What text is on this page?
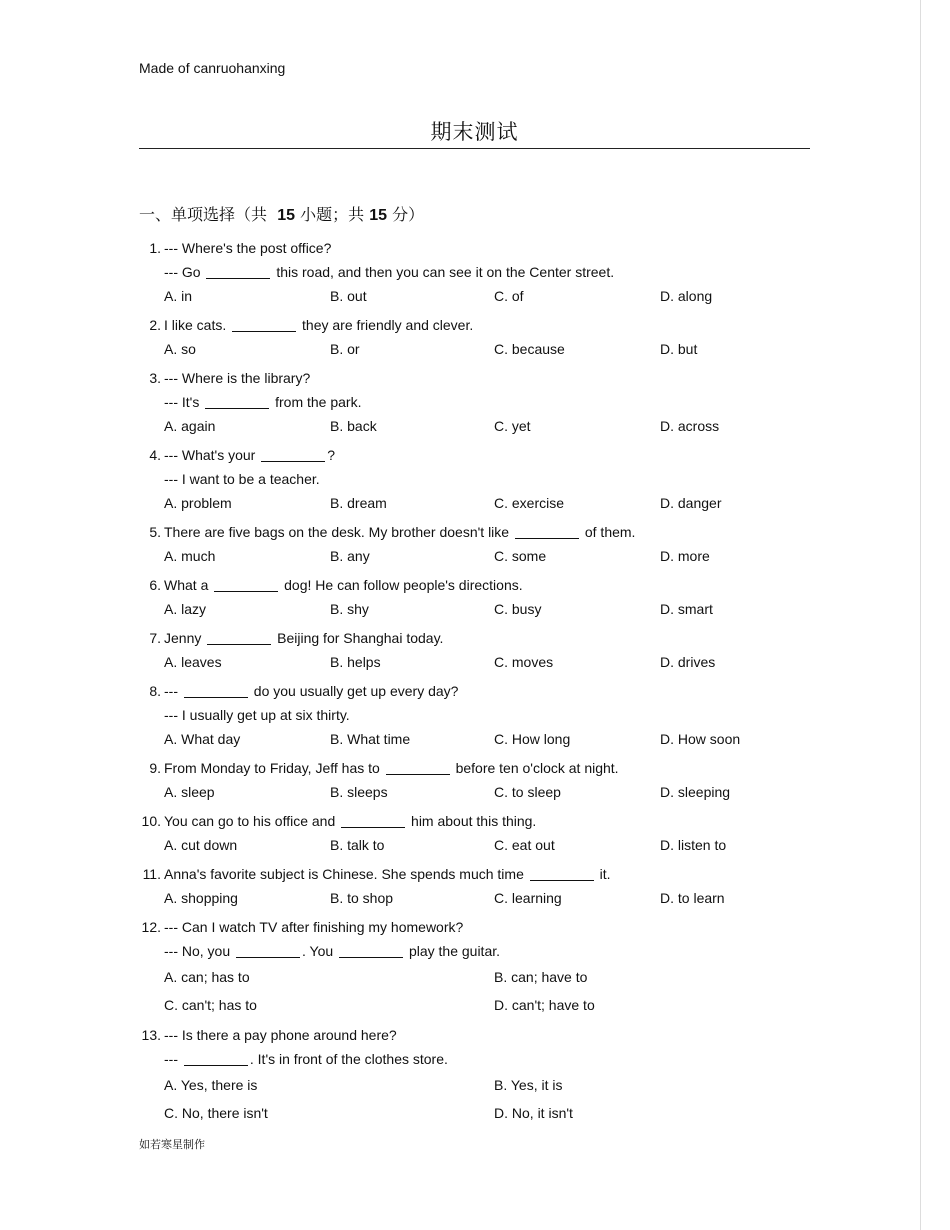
Made of canruohanxing
期末测试
一、单项选择（共 15 小题；共 15 分）
1. --- Where's the post office?
--- Go	this road, and then you can see it on the Center street.
A. in	B. out	C. of	D. along
2. I like cats.	they are friendly and clever.
A. so	B. or	C. because	D. but
3. --- Where is the library?
--- It's	from the park.
A. again	B. back	C. yet	D. across
4. --- What's your	?
--- I want to be a teacher.
A. problem	B. dream	C. exercise	D. danger
5. There are five bags on the desk. My brother doesn't like	of them.
A. much	B. any	C. some	D. more
6. What a	dog! He can follow people's directions.
A. lazy	B. shy	C. busy	D. smart
7. Jenny	Beijing for Shanghai today.
A. leaves	B. helps	C. moves	D. drives
8. ---	do you usually get up every day?
--- I usually get up at six thirty.
A. What day	B. What time	C. How long	D. How soon
9. From Monday to Friday, Jeff has to	before ten o'clock at night.
A. sleep	B. sleeps	C. to sleep	D. sleeping
10. You can go to his office and	him about this thing.
A. cut down	B. talk to	C. eat out	D. listen to
11. Anna's favorite subject is Chinese. She spends much time	it.
A. shopping	B. to shop	C. learning	D. to learn
12. --- Can I watch TV after finishing my homework?
--- No, you	. You	play the guitar.
A. can; has to	B. can; have to
C. can't; has to	D. can't; have to
13. --- Is there a pay phone around here?
---	. It's in front of the clothes store.
A. Yes, there is	B. Yes, it is
C. No, there isn't	D. No, it isn't
如若寒星制作
